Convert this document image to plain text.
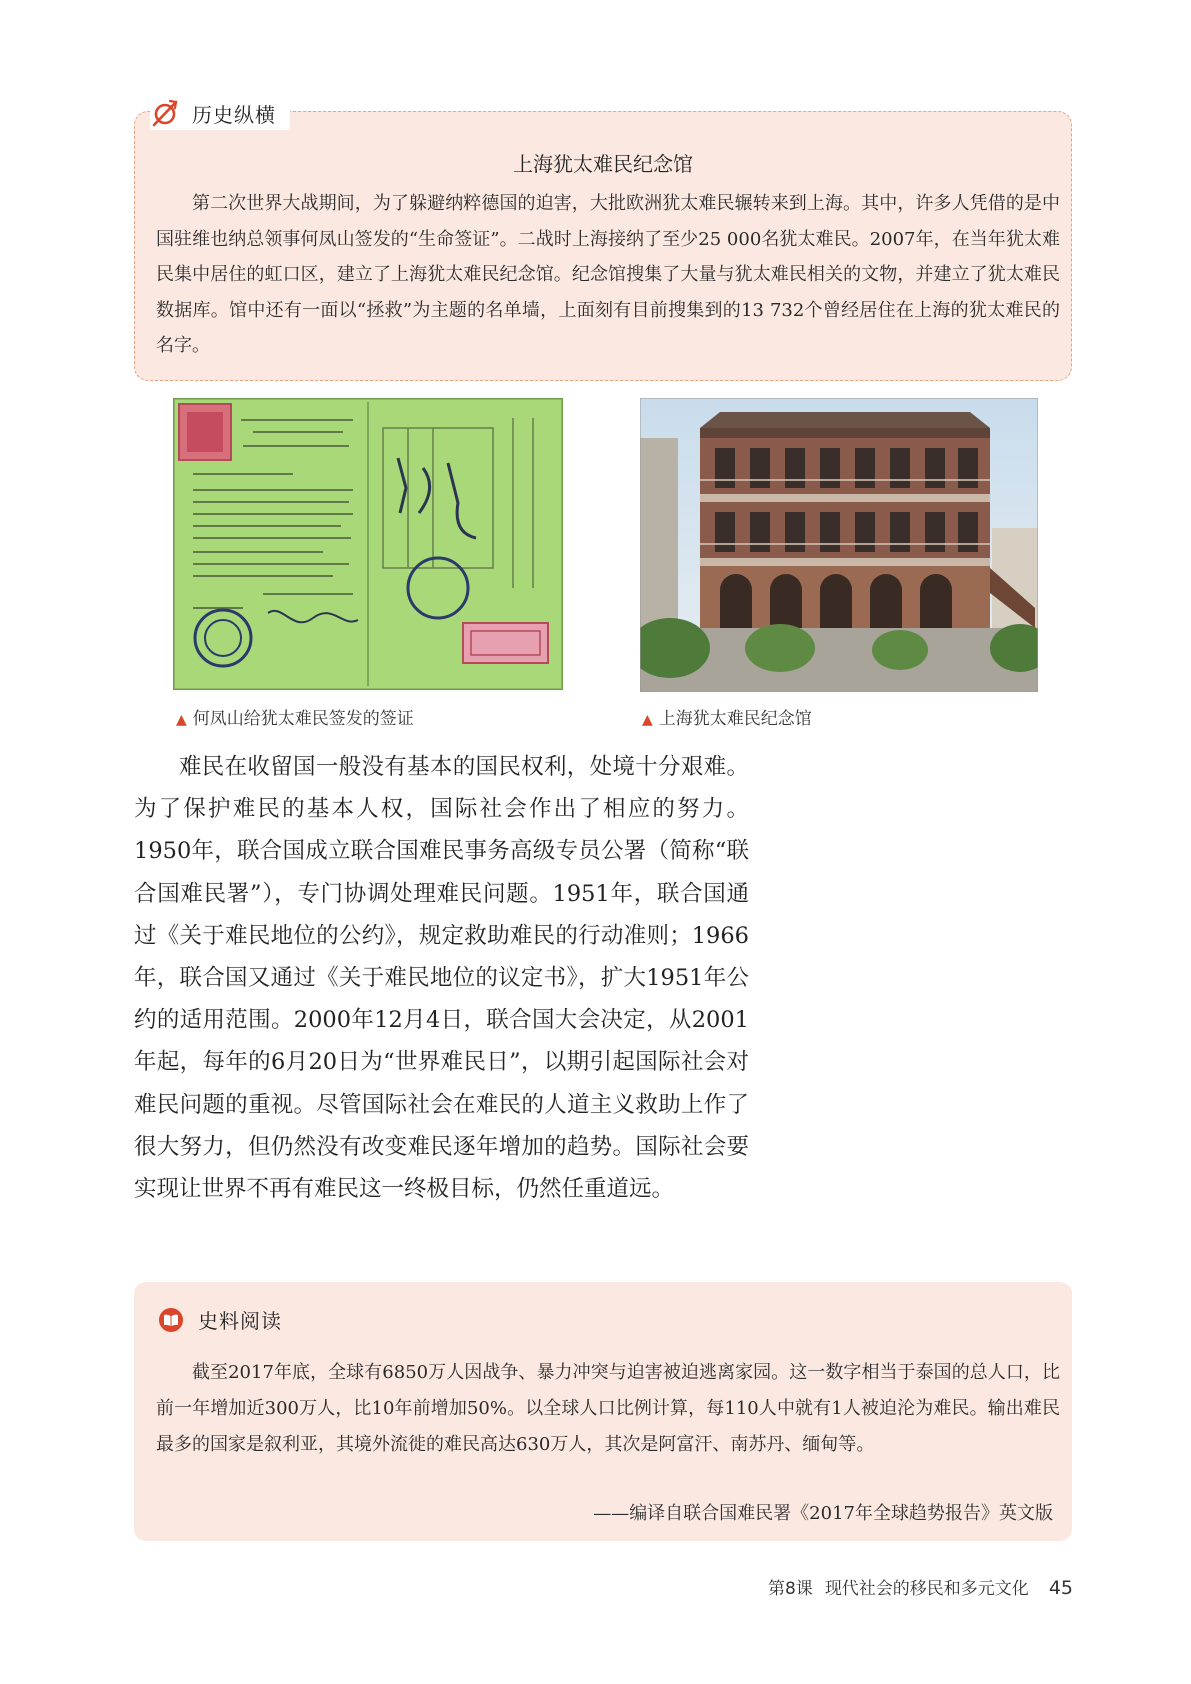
历史纵横
上海犹太难民纪念馆
第二次世界大战期间，为了躲避纳粹德国的迫害，大批欧洲犹太难民辗转来到上海。其中，许多人凭借的是中国驻维也纳总领事何凤山签发的“生命签证”。二战时上海接纳了至少25 000名犹太难民。2007年，在当年犹太难民集中居住的虹口区，建立了上海犹太难民纪念馆。纪念馆搜集了大量与犹太难民相关的文物，并建立了犹太难民数据库。馆中还有一面以“拯救”为主题的名单墙，上面刻有目前搜集到的13 732个曾经居住在上海的犹太难民的名字。
▲ 何凤山给犹太难民签发的签证	▲ 上海犹太难民纪念馆
难民在收留国一般没有基本的国民权利，处境十分艰难。为了保护难民的基本人权，国际社会作出了相应的努力。1950年，联合国成立联合国难民事务高级专员公署（简称“联合国难民署”），专门协调处理难民问题。1951年，联合国通过《关于难民地位的公约》，规定救助难民的行动准则；1966年，联合国又通过《关于难民地位的议定书》，扩大1951年公约的适用范围。2000年12月4日，联合国大会决定，从2001年起，每年的6月20日为“世界难民日”，以期引起国际社会对难民问题的重视。尽管国际社会在难民的人道主义救助上作了很大努力，但仍然没有改变难民逐年增加的趋势。国际社会要实现让世界不再有难民这一终极目标，仍然任重道远。
史料阅读
截至2017年底，全球有6850万人因战争、暴力冲突与迫害被迫逃离家园。这一数字相当于泰国的总人口，比前一年增加近300万人，比10年前增加50%。以全球人口比例计算，每110人中就有1人被迫沦为难民。输出难民最多的国家是叙利亚，其境外流徙的难民高达630万人，其次是阿富汗、南苏丹、缅甸等。
——编译自联合国难民署《2017年全球趋势报告》英文版
第8课 现代社会的移民和多元文化 45
